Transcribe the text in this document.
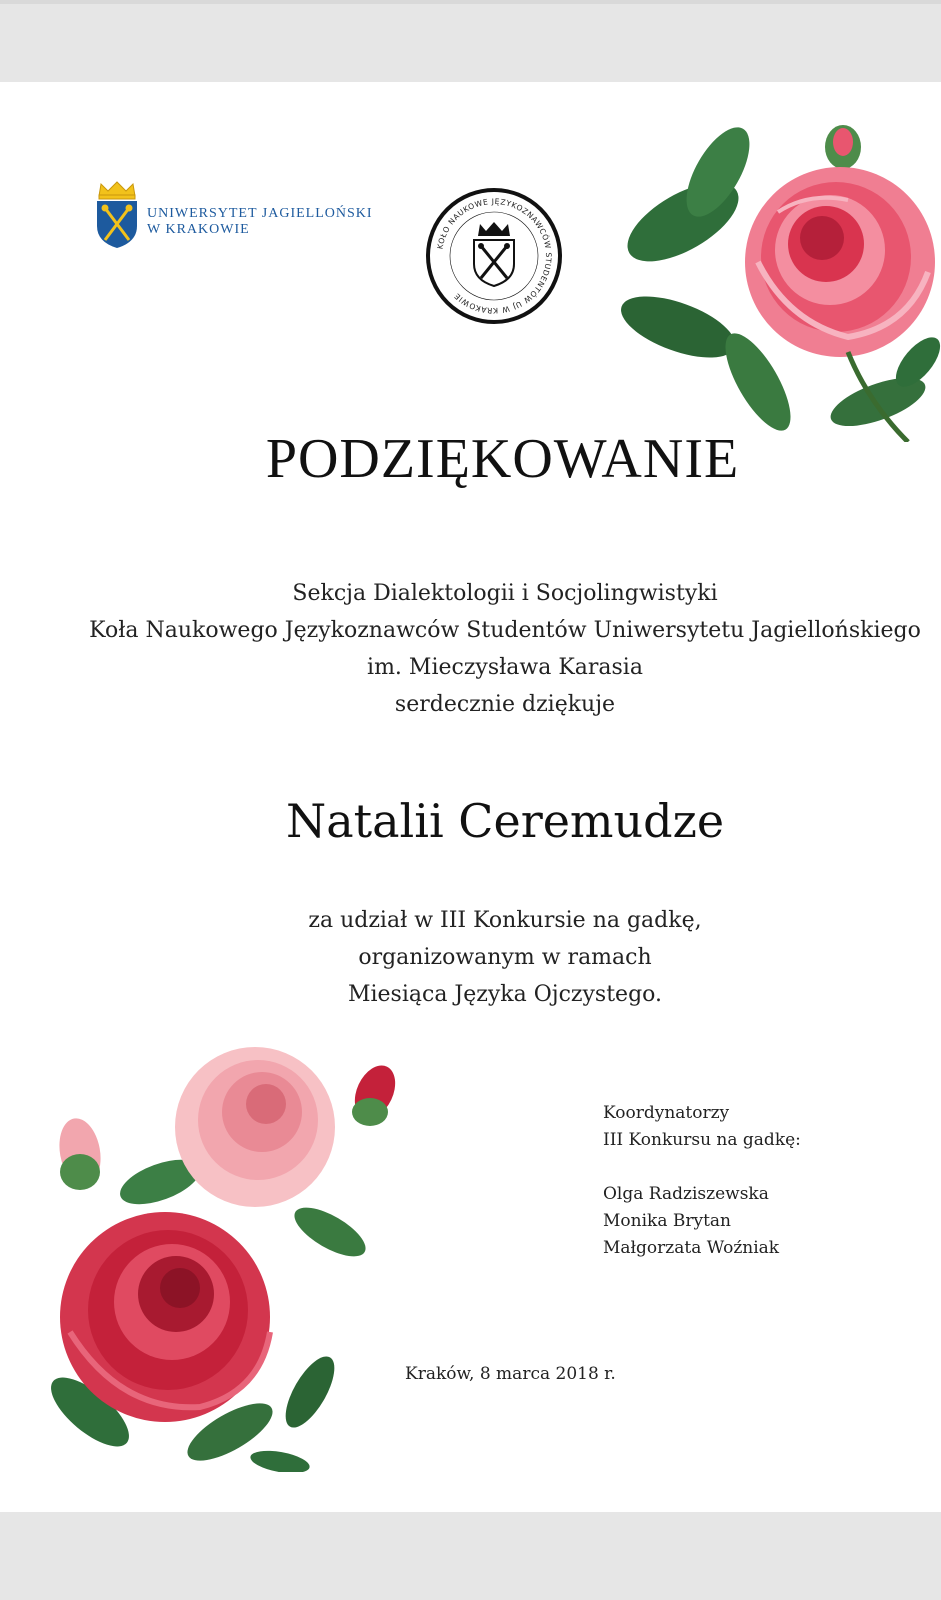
UNIWERSYTET JAGIELLOŃSKI
W KRAKOWIE
KOŁO NAUKOWE JĘZYKOZNAWCÓW STUDENTÓW UJ W KRAKOWIE
PODZIĘKOWANIE
Sekcja Dialektologii i Socjolingwistyki
Koła Naukowego Językoznawców Studentów Uniwersytetu Jagiellońskiego
im. Mieczysława Karasia
serdecznie dziękuje
Natalii Ceremudze
za udział w III Konkursie na gadkę,
organizowanym w ramach
Miesiąca Języka Ojczystego.
Koordynatorzy
III Konkursu na gadkę:
Olga Radziszewska
Monika Brytan
Małgorzata Woźniak
Kraków, 8 marca 2018 r.
